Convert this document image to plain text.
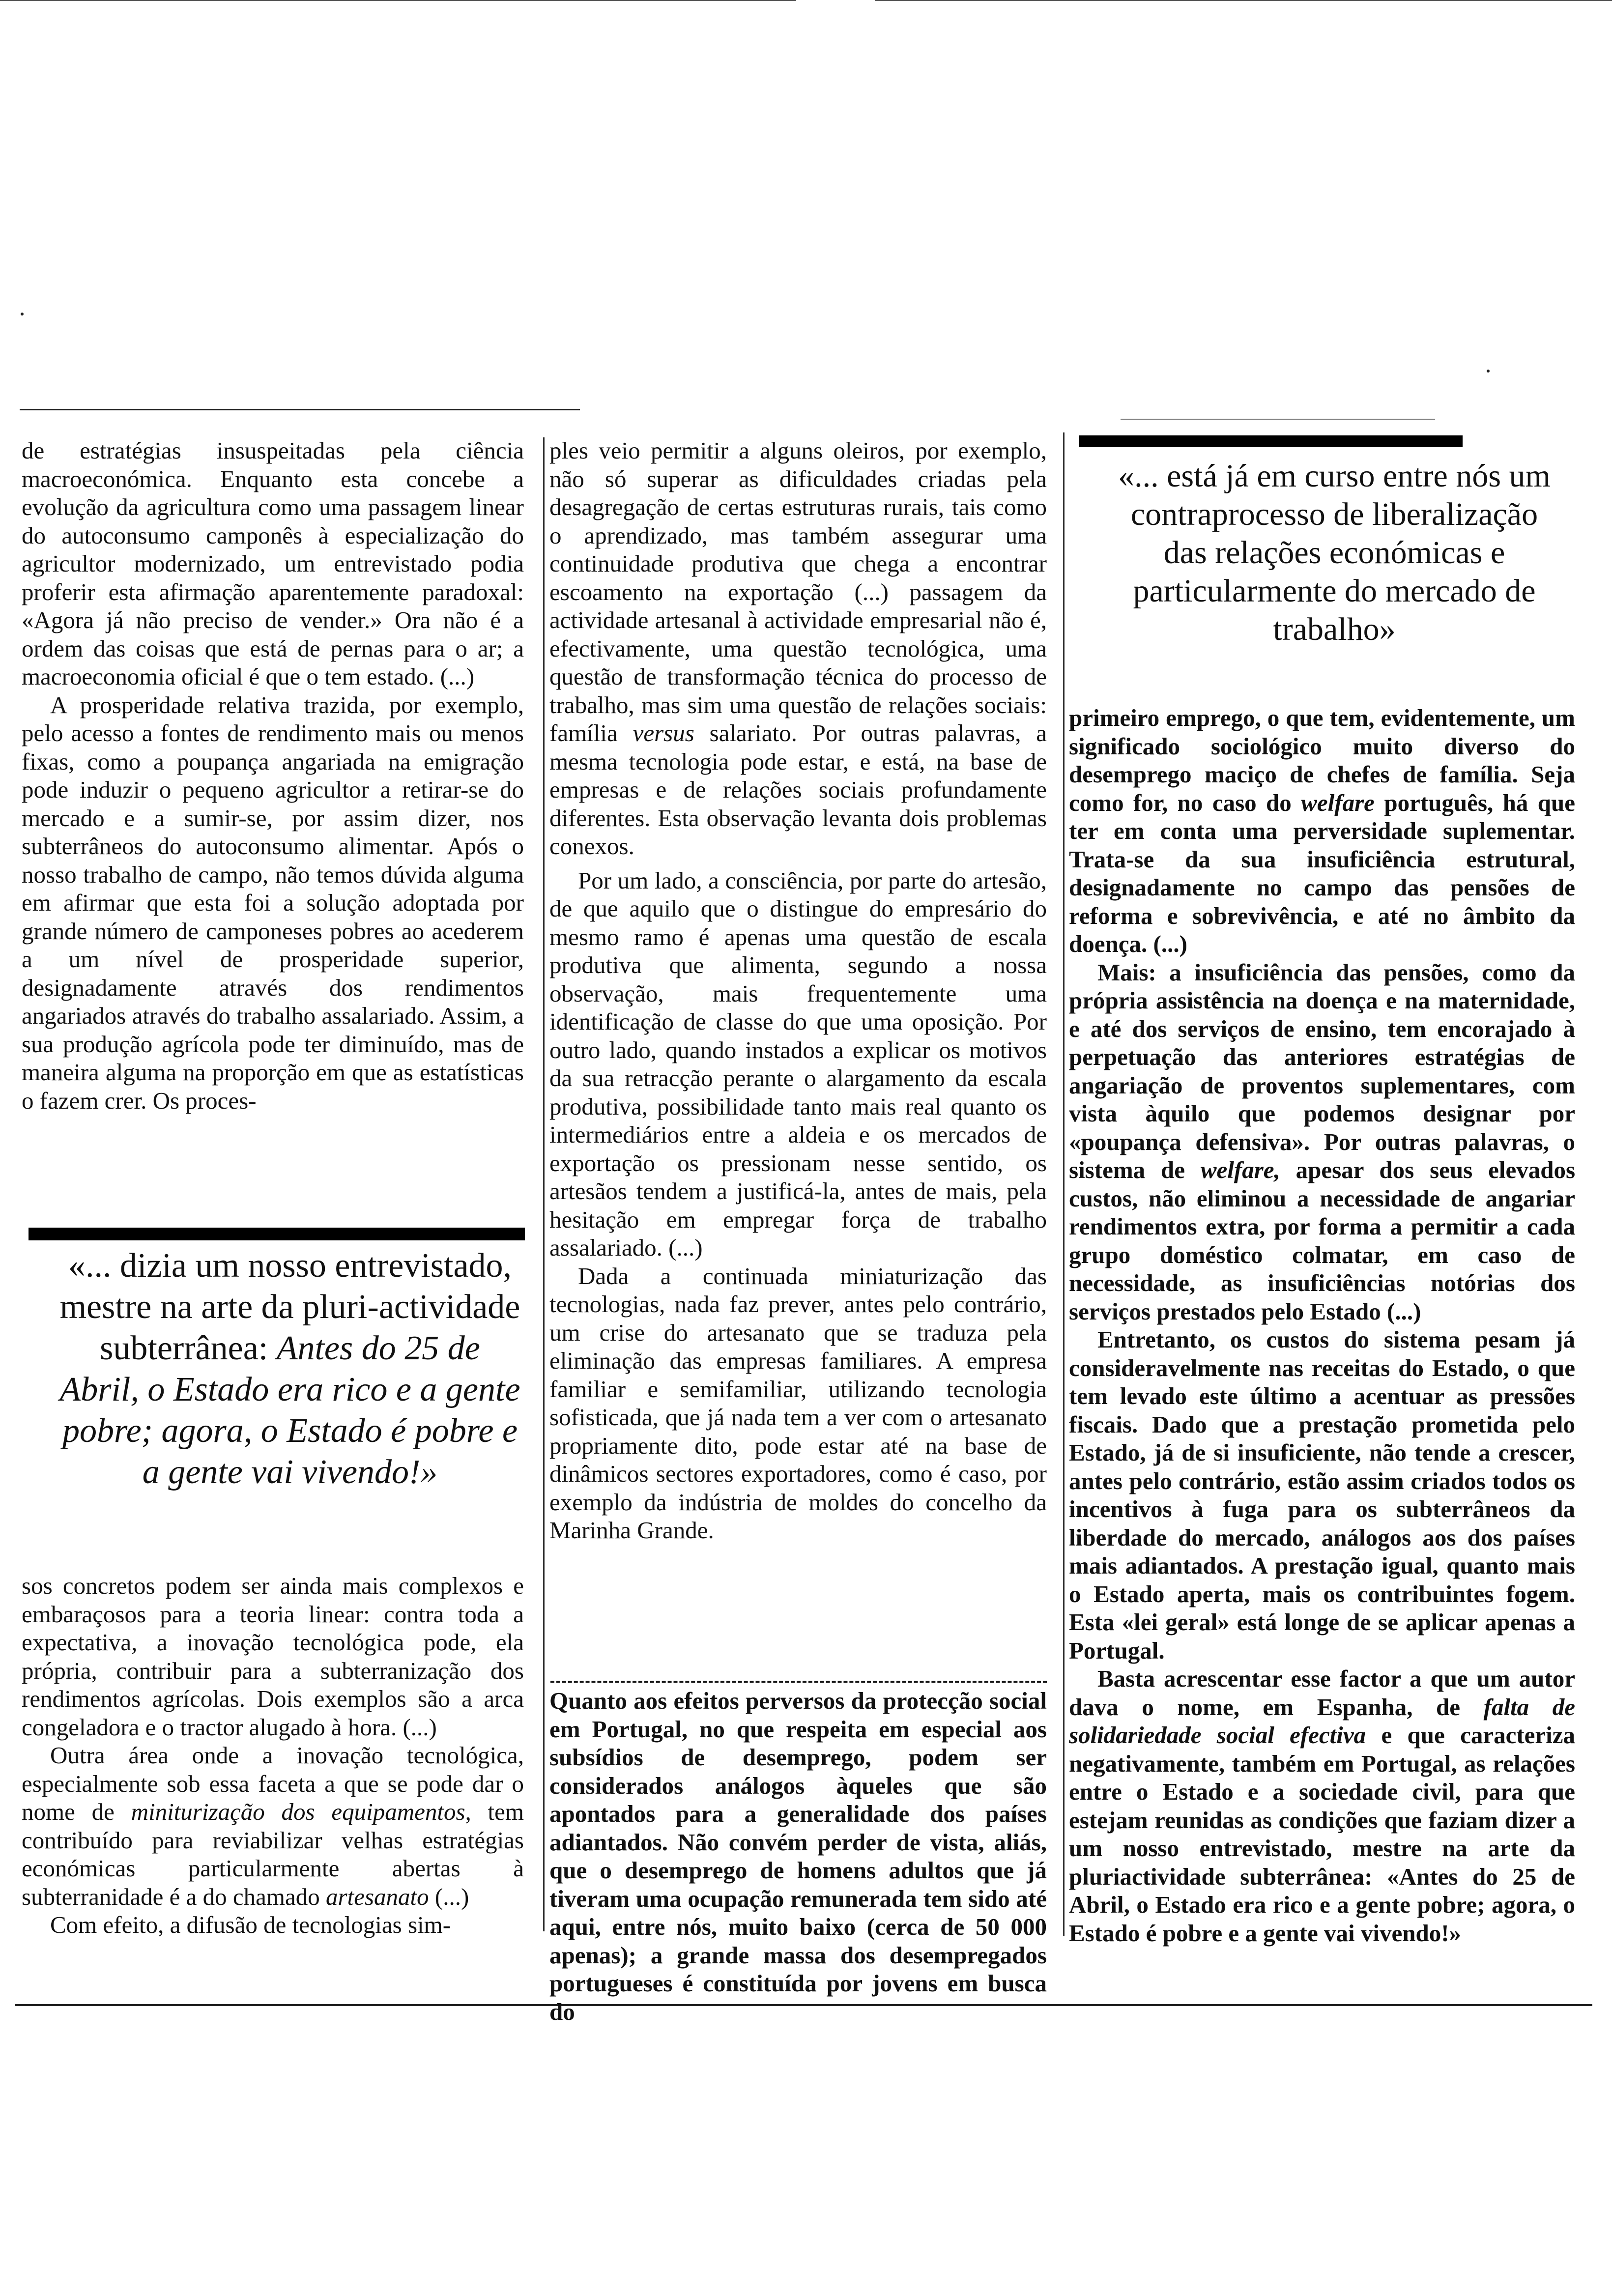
de estratégias insuspeitadas pela ciência macroeconómica. Enquanto esta concebe a evolução da agricultura como uma passagem linear do autoconsumo camponês à especialização do agricultor modernizado, um entrevistado podia proferir esta afirmação aparentemente paradoxal: «Agora já não preciso de vender.» Ora não é a ordem das coisas que está de pernas para o ar; a macroeconomia oficial é que o tem estado. (...)

A prosperidade relativa trazida, por exemplo, pelo acesso a fontes de rendimento mais ou menos fixas, como a poupança angariada na emigração pode induzir o pequeno agricultor a retirar-se do mercado e a sumir-se, por assim dizer, nos subterrâneos do autoconsumo alimentar. Após o nosso trabalho de campo, não temos dúvida alguma em afirmar que esta foi a solução adoptada por grande número de camponeses pobres ao acederem a um nível de prosperidade superior, designadamente através dos rendimentos angariados através do trabalho assalariado. Assim, a sua produção agrícola pode ter diminuído, mas de maneira alguma na proporção em que as estatísticas o fazem crer. Os proces-

«... dizia um nosso entrevistado, mestre na arte da pluri-actividade subterrânea: Antes do 25 de Abril, o Estado era rico e a gente pobre; agora, o Estado é pobre e a gente vai vivendo!»

sos concretos podem ser ainda mais complexos e embaraçosos para a teoria linear: contra toda a expectativa, a inovação tecnológica pode, ela própria, contribuir para a subterranização dos rendimentos agrícolas. Dois exemplos são a arca congeladora e o tractor alugado à hora. (...)

Outra área onde a inovação tecnológica, especialmente sob essa faceta a que se pode dar o nome de miniturização dos equipamentos, tem contribuído para reviabilizar velhas estratégias económicas particularmente abertas à subterranidade é a do chamado artesanato (...)

Com efeito, a difusão de tecnologias sim-

ples veio permitir a alguns oleiros, por exemplo, não só superar as dificuldades criadas pela desagregação de certas estruturas rurais, tais como o aprendizado, mas também assegurar uma continuidade produtiva que chega a encontrar escoamento na exportação (...) passagem da actividade artesanal à actividade empresarial não é, efectivamente, uma questão tecnológica, uma questão de transformação técnica do processo de trabalho, mas sim uma questão de relações sociais: família versus salariato. Por outras palavras, a mesma tecnologia pode estar, e está, na base de empresas e de relações sociais profundamente diferentes. Esta observação levanta dois problemas conexos.

Por um lado, a consciência, por parte do artesão, de que aquilo que o distingue do empresário do mesmo ramo é apenas uma questão de escala produtiva que alimenta, segundo a nossa observação, mais frequentemente uma identificação de classe do que uma oposição. Por outro lado, quando instados a explicar os motivos da sua retracção perante o alargamento da escala produtiva, possibilidade tanto mais real quanto os intermediários entre a aldeia e os mercados de exportação os pressionam nesse sentido, os artesãos tendem a justificá-la, antes de mais, pela hesitação em empregar força de trabalho assalariado. (...)

Dada a continuada miniaturização das tecnologias, nada faz prever, antes pelo contrário, um crise do artesanato que se traduza pela eliminação das empresas familiares. A empresa familiar e semifamiliar, utilizando tecnologia sofisticada, que já nada tem a ver com o artesanato propriamente dito, pode estar até na base de dinâmicos sectores exportadores, como é caso, por exemplo da indústria de moldes do concelho da Marinha Grande.

Quanto aos efeitos perversos da protecção social em Portugal, no que respeita em especial aos subsídios de desemprego, podem ser considerados análogos àqueles que são apontados para a generalidade dos países adiantados. Não convém perder de vista, aliás, que o desemprego de homens adultos que já tiveram uma ocupação remunerada tem sido até aqui, entre nós, muito baixo (cerca de 50 000 apenas); a grande massa dos desempregados portugueses é constituída por jovens em busca do

«... está já em curso entre nós um contraprocesso de liberalização das relações económicas e particularmente do mercado de trabalho»

primeiro emprego, o que tem, evidentemente, um significado sociológico muito diverso do desemprego maciço de chefes de família. Seja como for, no caso do welfare português, há que ter em conta uma perversidade suplementar. Trata-se da sua insuficiência estrutural, designadamente no campo das pensões de reforma e sobrevivência, e até no âmbito da doença. (...)

Mais: a insuficiência das pensões, como da própria assistência na doença e na maternidade, e até dos serviços de ensino, tem encorajado à perpetuação das anteriores estratégias de angariação de proventos suplementares, com vista àquilo que podemos designar por «poupança defensiva». Por outras palavras, o sistema de welfare, apesar dos seus elevados custos, não eliminou a necessidade de angariar rendimentos extra, por forma a permitir a cada grupo doméstico colmatar, em caso de necessidade, as insuficiências notórias dos serviços prestados pelo Estado (...)

Entretanto, os custos do sistema pesam já consideravelmente nas receitas do Estado, o que tem levado este último a acentuar as pressões fiscais. Dado que a prestação prometida pelo Estado, já de si insuficiente, não tende a crescer, antes pelo contrário, estão assim criados todos os incentivos à fuga para os subterrâneos da liberdade do mercado, análogos aos dos países mais adiantados. A prestação igual, quanto mais o Estado aperta, mais os contribuintes fogem. Esta «lei geral» está longe de se aplicar apenas a Portugal.

Basta acrescentar esse factor a que um autor dava o nome, em Espanha, de falta de solidariedade social efectiva e que caracteriza negativamente, também em Portugal, as relações entre o Estado e a sociedade civil, para que estejam reunidas as condições que faziam dizer a um nosso entrevistado, mestre na arte da pluriactividade subterrânea: «Antes do 25 de Abril, o Estado era rico e a gente pobre; agora, o Estado é pobre e a gente vai vivendo!»
